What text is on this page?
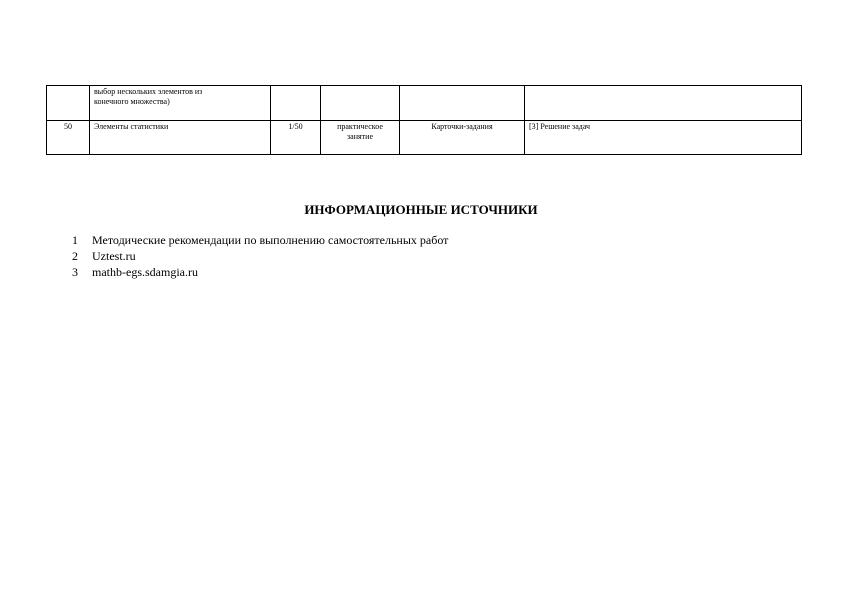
	выбор нескольких элементов из
конечного множества)				

50	Элементы статистики	1/50	практическое
занятие	Карточки-задания	[3] Решение задач
ИНФОРМАЦИОННЫЕ ИСТОЧНИКИ
1	Методические рекомендации по выполнению самостоятельных работ
2	Uztest.ru
3	mathb-egs.sdamgia.ru
